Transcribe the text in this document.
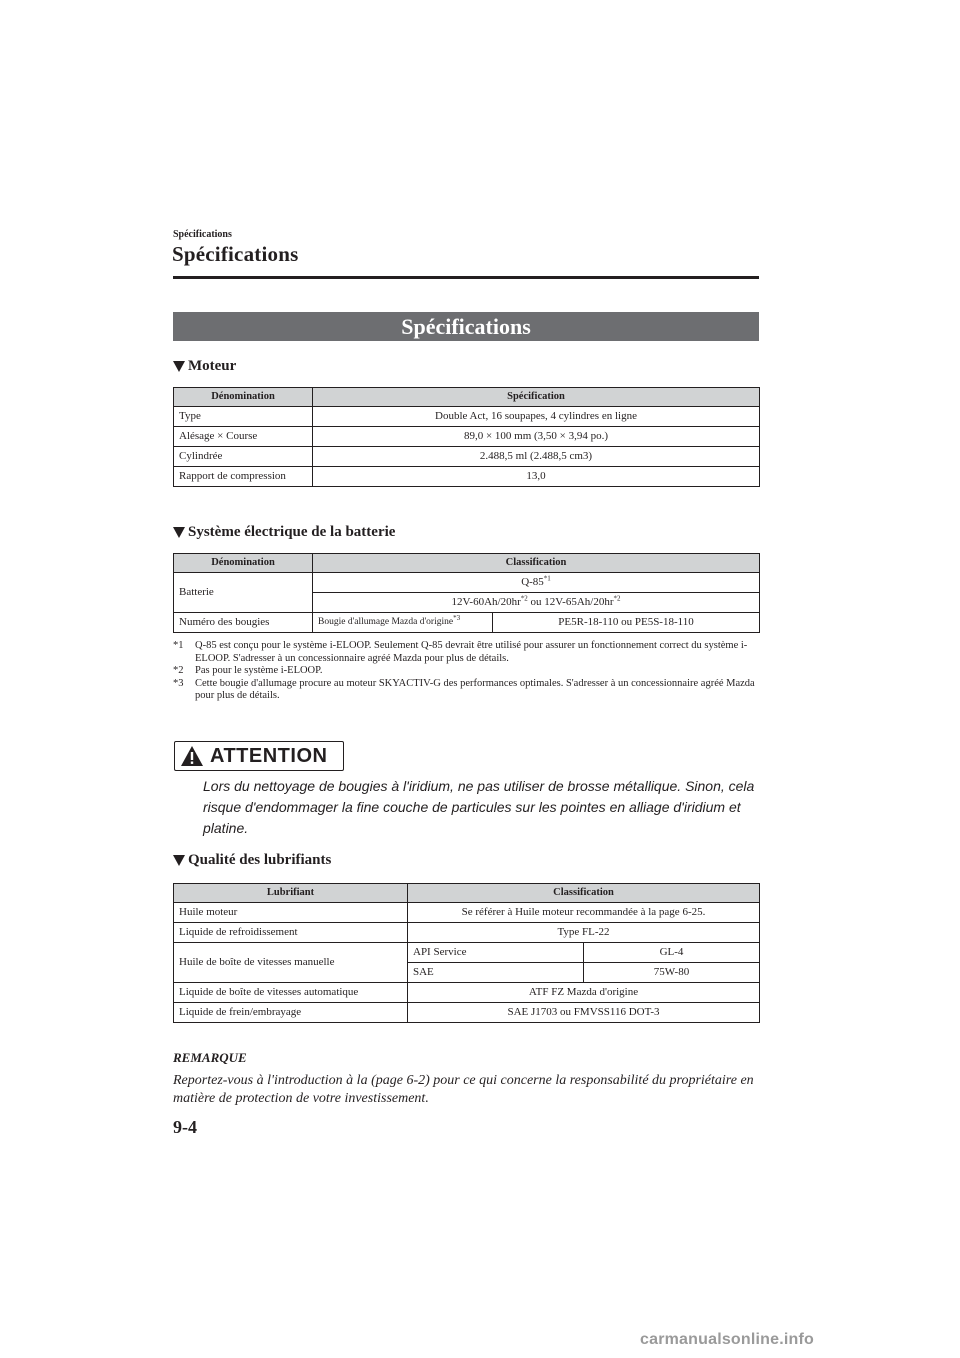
Spécifications
Spécifications
Spécifications
Moteur
Dénomination	Spécification
Type	Double Act, 16 soupapes, 4 cylindres en ligne
Alésage × Course	89,0 × 100 mm (3,50 × 3,94 po.)
Cylindrée	2.488,5 ml (2.488,5 cm3)
Rapport de compression	13,0
Système électrique de la batterie
Dénomination	Classification	
Batterie	Q-85$^{*1}$
	$12V-60Ah/20hr^{*2}$ ou $12V-65Ah/20hr^{*2}$
Numéro des bougies	Bougie d'allumage Mazda d'origine$^{*3}$	PE5R-18-110 ou PE5S-18-110
*1	Q-85 est conçu pour le système i-ELOOP. Seulement Q-85 devrait être utilisé pour assurer un fonctionnement correct du système i-ELOOP. S'adresser à un concessionnaire agréé Mazda pour plus de détails.
*2	Pas pour le système i-ELOOP.
*3	Cette bougie d'allumage procure au moteur SKYACTIV-G des performances optimales. S'adresser à un concessionnaire agréé Mazda pour plus de détails.
ATTENTION
Lors du nettoyage de bougies à l'iridium, ne pas utiliser de brosse métallique. Sinon, cela risque d'endommager la fine couche de particules sur les pointes en alliage d'iridium et platine.
Qualité des lubrifiants
Lubrifiant	Classification	
Huile moteur	Se référer à Huile moteur recommandée à la page 6-25.	
Liquide de refroidissement	Type FL-22	
Huile de boîte de vitesses manuelle	API Service	GL-4
	SAE	75W-80
Liquide de boîte de vitesses automatique	ATF FZ Mazda d'origine	
Liquide de frein/embrayage	SAE J1703 ou FMVSS116 DOT-3	
REMARQUE
Reportez-vous à l'introduction à la (page 6-2) pour ce qui concerne la responsabilité du propriétaire en matière de protection de votre investissement.
9-4
carmanualsonline.info
